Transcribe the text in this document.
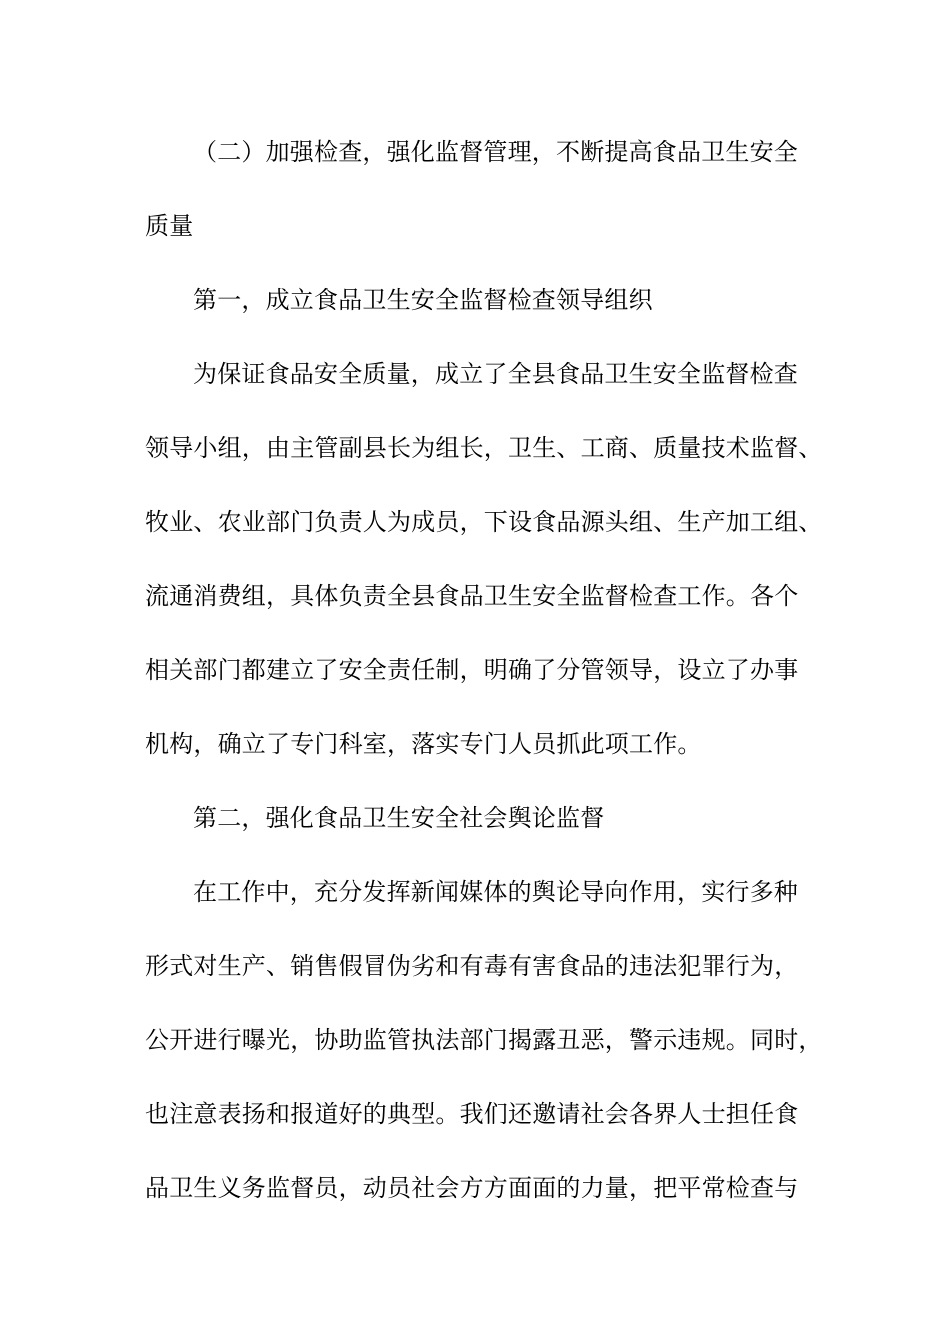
（二）加强检查，强化监督管理，不断提高食品卫生安全
质量
第一，成立食品卫生安全监督检查领导组织
为保证食品安全质量，成立了全县食品卫生安全监督检查
领导小组，由主管副县长为组长，卫生、工商、质量技术监督、
牧业、农业部门负责人为成员，下设食品源头组、生产加工组、
流通消费组，具体负责全县食品卫生安全监督检查工作。各个
相关部门都建立了安全责任制，明确了分管领导，设立了办事
机构，确立了专门科室，落实专门人员抓此项工作。
第二，强化食品卫生安全社会舆论监督
在工作中，充分发挥新闻媒体的舆论导向作用，实行多种
形式对生产、销售假冒伪劣和有毒有害食品的违法犯罪行为，
公开进行曝光，协助监管执法部门揭露丑恶，警示违规。同时，
也注意表扬和报道好的典型。我们还邀请社会各界人士担任食
品卫生义务监督员，动员社会方方面面的力量，把平常检查与
